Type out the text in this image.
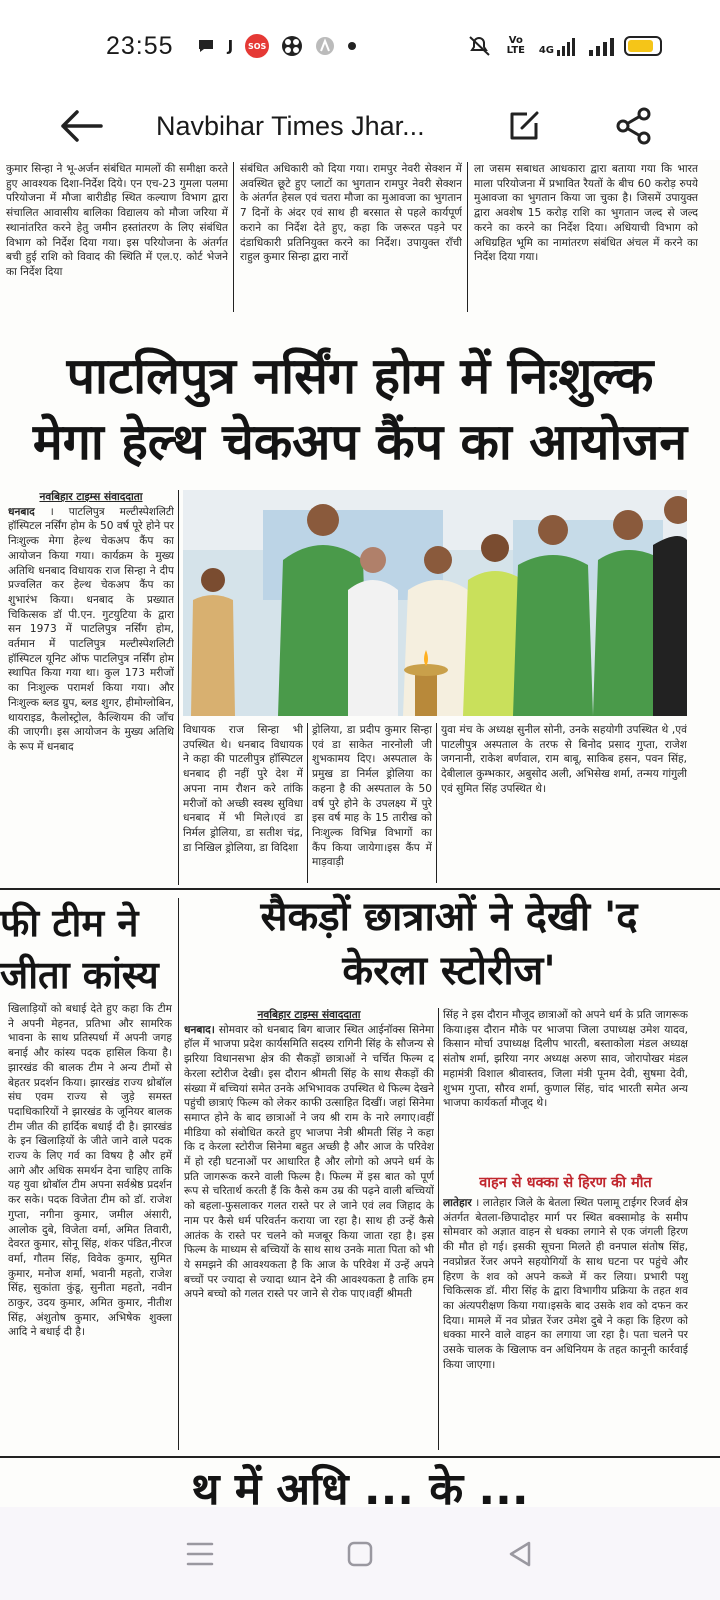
23:55	J	SOS	Vo LTE	4G
Navbihar Times Jhar...
कुमार सिन्हा ने भू-अर्जन संबंधित मामलों की समीक्षा करते हुए आवश्यक दिशा-निर्देश दिये। एन एच-23 गुमला पलमा परियोजना में मौजा बारीडीह स्थित कल्याण विभाग द्वारा संचालित आवासीय बालिका विद्यालय को मौजा जरिया में स्थानांतरित करने हेतु जमीन हस्तांतरण के लिए संबंधित विभाग को निर्देश दिया गया। इस परियोजना के अंतर्गत बची हुई राशि को विवाद की स्थिति में एल.ए. कोर्ट भेजने का निर्देश दिया
संबंधित अधिकारी को दिया गया। रामपुर नेवरी सेक्शन में अवस्थित छूटे हुए प्लाटों का भुगतान रामपुर नेवरी सेक्शन के अंतर्गत हेसल एवं चतरा मौजा का मुआवजा का भुगतान 7 दिनों के अंदर एवं साथ ही बरसात से पहले कार्यपूर्ण कराने का निर्देश देते हुए, कहा कि जरूरत पड़ने पर दंडाधिकारी प्रतिनियुक्त करने का निर्देश। उपायुक्त राँची राहुल कुमार सिन्हा द्वारा नारों
ला जसम सबाधत आधकारा द्वारा बताया गया कि भारत माला परियोजना में प्रभावित रैयतों के बीच 60 करोड़ रुपये मुआवजा का भुगतान किया जा चुका है। जिसमें उपायुक्त द्वारा अवशेष 15 करोड़ राशि का भुगतान जल्द से जल्द करने का करने का निर्देश दिया। अधियाची विभाग को अधिग्रहित भूमि का नामांतरण संबंधित अंचल में करने का निर्देश दिया गया।
पाटलिपुत्र नर्सिंग होम में निःशुल्क
मेगा हेल्थ चेकअप कैंप का आयोजन
नवबिहार टाइम्स संवाददाता
धनबाद । पाटलिपुत्र मल्टीस्पेशलिटी हॉस्पिटल नर्सिंग होम के 50 वर्ष पूरे होने पर निःशुल्क मेगा हेल्थ चेकअप कैंप का आयोजन किया गया। कार्यक्रम के मुख्य अतिथि धनबाद विधायक राज सिन्हा ने दीप प्रज्वलित कर हेल्थ चेकअप कैंप का शुभारंभ किया। धनबाद के प्रख्यात चिकित्सक डॉ पी.एन. गुटयुटिया के द्वारा सन 1973 में पाटलिपुत्र नर्सिंग होम, वर्तमान में पाटलिपुत्र मल्टीस्पेशलिटी हॉस्पिटल यूनिट ऑफ पाटलिपुत्र नर्सिंग होम स्थापित किया गया था। कुल 173 मरीजों का निःशुल्क परामर्श किया गया। और निःशुल्क ब्लड ग्रुप, ब्लड शुगर, हीमोग्लोबिन, थायराइड, कैलोस्ट्रोल, कैल्शियम की जाँच की जाएगी। इस आयोजन के मुख्य अतिथि के रूप में धनबाद
विधायक राज सिन्हा भी उपस्थित थे। धनबाद विधायक ने कहा की पाटलीपुत्र हॉस्पिटल धनबाद ही नहीं पुरे देश में अपना नाम रौशन करे तांकि मरीजों को अच्छी स्वस्थ सुविधा धनबाद में भी मिले।एवं डा निर्मल ड्रोलिया, डा सतीश चंद्र, डा निखिल ड्रोलिया, डा विदिशा
ड्रोलिया, डा प्रदीप कुमार सिन्हा एवं डा साकेत नारनोली जी शुभकामय दिए। अस्पताल के प्रमुख डा निर्मल ड्रोलिया का कहना है की अस्पताल के 50 वर्ष पुरे होने के उपलक्ष्य में पुरे इस वर्ष माह के 15 तारीख को निःशुल्क विभिन्न विभागों का कैंप किया जायेगा।इस कैंप में माड़वाड़ी
युवा मंच के अध्यक्ष सुनील सोनी, उनके सहयोगी उपस्थित थे ,एवं पाटलीपुत्र अस्पताल के तरफ से बिनोद प्रसाद गुप्ता, राजेश जगनानी, राकेश बर्णवाल, राम बाबू, साकिब हसन, पवन सिंह, देबीलाल कुम्भकार, अबुसोद अली, अभिसेख शर्मा, तन्मय गांगुली एवं सुमित सिंह उपस्थित थे।
फी टीम ने
जीता कांस्य
खिलाड़ियों को बधाई देते हुए कहा कि टीम ने अपनी मेहनत, प्रतिभा और सामरिक भावना के साथ प्रतिस्पर्धा में अपनी जगह बनाई और कांस्य पदक हासिल किया है। झारखंड की बालक टीम ने अन्य टीमों से बेहतर प्रदर्शन किया। झारखंड राज्य थ्रोबॉल संघ एवम राज्य से जुड़े समस्त पदाधिकारियों ने झारखंड के जूनियर बालक टीम जीत की हार्दिक बधाई दी है। झारखंड के इन खिलाड़ियों के जीते जाने वाले पदक राज्य के लिए गर्व का विषय है और हमें आगे और अधिक समर्थन देना चाहिए ताकि यह युवा थ्रोबॉल टीम अपना सर्वश्रेष्ठ प्रदर्शन कर सके। पदक विजेता टीम को डॉ. राजेश गुप्ता, नगीना कुमार, जमील अंसारी, आलोक दुबे, विजेता वर्मा, अमित तिवारी, देवरत कुमार, सोनू सिंह, शंकर पंडित,नीरज वर्मा, गौतम सिंह, विवेक कुमार, सुमित कुमार, मनोज शर्मा, भवानी महतो, राजेश सिंह, सुकांता कुंडू, सुनीता महतो, नवीन ठाकुर, उदय कुमार, अमित कुमार, नीतीश सिंह, अंशुतोष कुमार, अभिषेक शुक्ला आदि ने बधाई दी है।
सैकड़ों छात्राओं ने देखी 'द
केरला स्टोरीज'
नवबिहार टाइम्स संवाददाता
धनबाद। सोमवार को धनबाद बिग बाजार स्थित आईनॉक्स सिनेमा हॉल में भाजपा प्रदेश कार्यसमिति सदस्य रागिनी सिंह के सौजन्य से झरिया विधानसभा क्षेत्र की सैकड़ों छात्राओं ने चर्चित फिल्म द केरला स्टोरीज देखी। इस दौरान श्रीमती सिंह के साथ सैकड़ों की संख्या में बच्चियां समेत उनके अभिभावक उपस्थित थे फिल्म देखने पहुंची छात्राएं फिल्म को लेकर काफी उत्साहित दिखीं। जहां सिनेमा समाप्त होने के बाद छात्राओं ने जय श्री राम के नारे लगाए।वहीं मीडिया को संबोधित करते हुए भाजपा नेत्री श्रीमती सिंह ने कहा कि द केरला स्टोरीज सिनेमा बहुत अच्छी है और आज के परिवेश में हो रही घटनाओं पर आधारित है और लोगो को अपने धर्म के प्रति जागरूक करने वाली फिल्म है। फिल्म में इस बात को पूर्ण रूप से चरितार्थ करती हैं कि कैसे कम उम्र की पढ़ने वाली बच्चियों को बहला-फुसलाकर गलत रास्ते पर ले जाने एवं लव जिहाद के नाम पर कैसे धर्म परिवर्तन कराया जा रहा है। साथ ही उन्हें कैसे आतंक के रास्ते पर चलने को मजबूर किया जाता रहा है। इस फिल्म के माध्यम से बच्चियों के साथ साथ उनके माता पिता को भी ये समझने की आवश्यकता है कि आज के परिवेश में उन्हें अपने बच्चों पर ज्यादा से ज्यादा ध्यान देने की आवश्यकता है ताकि हम अपने बच्चो को गलत रास्ते पर जाने से रोक पाए।वहीं श्रीमती
सिंह ने इस दौरान मौजूद छात्राओं को अपने धर्म के प्रति जागरूक किया।इस दौरान मौके पर भाजपा जिला उपाध्यक्ष उमेश यादव, किसान मोर्चा उपाध्यक्ष दिलीप भारती, बस्ताकोला मंडल अध्यक्ष संतोष शर्मा, झरिया नगर अध्यक्ष अरुण साव, जोरापोखर मंडल महामंत्री विशाल श्रीवास्तव, जिला मंत्री पूनम देवी, सुषमा देवी, शुभम गुप्ता, सौरव शर्मा, कुणाल सिंह, चांद भारती समेत अन्य भाजपा कार्यकर्ता मौजूद थे।
वाहन से धक्का से हिरण की मौत
लातेहार । लातेहार जिले के बेतला स्थित पलामू टाईगर रिजर्व क्षेत्र अंतर्गत बेतला-छिपादोहर मार्ग पर स्थित बक्सामोड़ के समीप सोमवार को अज्ञात वाहन से धक्का लगाने से एक जंगली हिरण की मौत हो गई। इसकी सूचना मिलते ही वनपाल संतोष सिंह, नवप्रोन्नत रेंजर अपने सहयोगियों के साथ घटना पर पहुंचे और हिरण के शव को अपने कब्जे में कर लिया। प्रभारी पशु चिकित्सक डॉ. मीरा सिंह के द्वारा विभागीय प्रक्रिया के तहत शव का अंत्यपरीक्षण किया गया।इसके बाद उसके शव को दफन कर दिया। मामले में नव प्रोन्नत रेंजर उमेश दुबे ने कहा कि हिरण को धक्का मारने वाले वाहन का लगाया जा रहा है। पता चलने पर उसके चालक के खिलाफ वन अधिनियम के तहत कानूनी कार्रवाई किया जाएगा।
थ में अधि ... के ...
